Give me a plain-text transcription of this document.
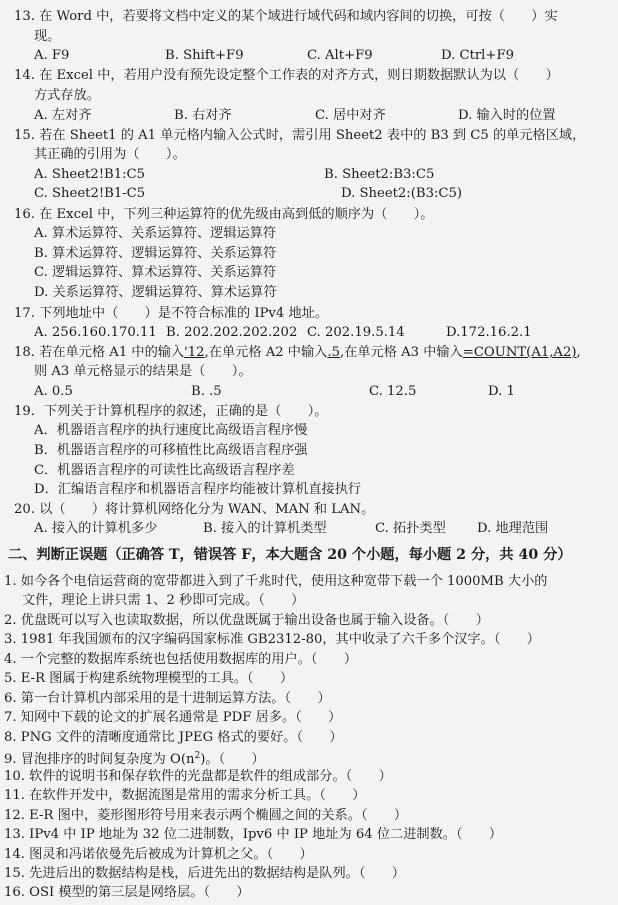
13. 在 Word 中，若要将文档中定义的某个域进行域代码和域内容间的切换，可按（　　）实
现。
A. F9	B. Shift+F9	C. Alt+F9	D. Ctrl+F9
14. 在 Excel 中，若用户没有预先设定整个工作表的对齐方式，则日期数据默认为以（　　）
方式存放。
A. 左对齐	B. 右对齐	C. 居中对齐	D. 输入时的位置
15. 若在 Sheet1 的 A1 单元格内输入公式时，需引用 Sheet2 表中的 B3 到 C5 的单元格区域，
其正确的引用为（　　）。
A. Sheet2!B1:C5	B. Sheet2:B3:C5
C. Sheet2!B1-C5	D. Sheet2:(B3:C5)
16. 在 Excel 中，下列三种运算符的优先级由高到低的顺序为（　　）。
A. 算术运算符、关系运算符、逻辑运算符
B. 算术运算符、逻辑运算符、关系运算符
C. 逻辑运算符、算术运算符、关系运算符
D. 关系运算符、逻辑运算符、算术运算符
17. 下列地址中（　　）是不符合标准的 IPv4 地址。
A. 256.160.170.11 B. 202.202.202.202 C. 202.19.5.14	D.172.16.2.1
18. 若在单元格 A1 中的输入'12,在单元格 A2 中输入.5,在单元格 A3 中输入=COUNT(A1,A2),
则 A3 单元格显示的结果是（　　）。
A. 0.5	B. .5	C. 12.5	D. 1
19．下列关于计算机程序的叙述，正确的是（　　）。
A．机器语言程序的执行速度比高级语言程序慢
B．机器语言程序的可移植性比高级语言程序强
C．机器语言程序的可读性比高级语言程序差
D．汇编语言程序和机器语言程序均能被计算机直接执行
20. 以（　　）将计算机网络化分为 WAN、MAN 和 LAN。
A. 接入的计算机多少	B. 接入的计算机类型	C. 拓扑类型 D. 地理范围
二、判断正误题（正确答 T，错误答 F，本大题含 20 个小题，每小题 2 分，共 40 分）
1. 如今各个电信运营商的宽带都进入到了千兆时代，使用这种宽带下载一个 1000MB 大小的
文件，理论上讲只需 1、2 秒即可完成。（　　）
2. 优盘既可以写入也读取数据，所以优盘既属于输出设备也属于输入设备。（　　）
3. 1981 年我国颁布的汉字编码国家标准 GB2312-80，其中收录了六千多个汉字。（　　）
4. 一个完整的数据库系统也包括使用数据库的用户。（　　）
5. E-R 图属于构建系统物理模型的工具。（　　）
6. 第一台计算机内部采用的是十进制运算方法。（　　）
7. 知网中下载的论文的扩展名通常是 PDF 居多。（　　）
8. PNG 文件的清晰度通常比 JPEG 格式的要好。（　　）
9. 冒泡排序的时间复杂度为 $O(n^2)$。（　　）
10. 软件的说明书和保存软件的光盘都是软件的组成部分。（　　）
11. 在软件开发中，数据流图是常用的需求分析工具。（　　）
12. E-R 图中，菱形图形符号用来表示两个椭圆之间的关系。（　　）
13. IPv4 中 IP 地址为 32 位二进制数，Ipv6 中 IP 地址为 64 位二进制数。（　　）
14. 图灵和冯诺依曼先后被成为计算机之父。（　　）
15. 先进后出的数据结构是栈，后进先出的数据结构是队列。（　　）
16. OSI 模型的第三层是网络层。（　　）
